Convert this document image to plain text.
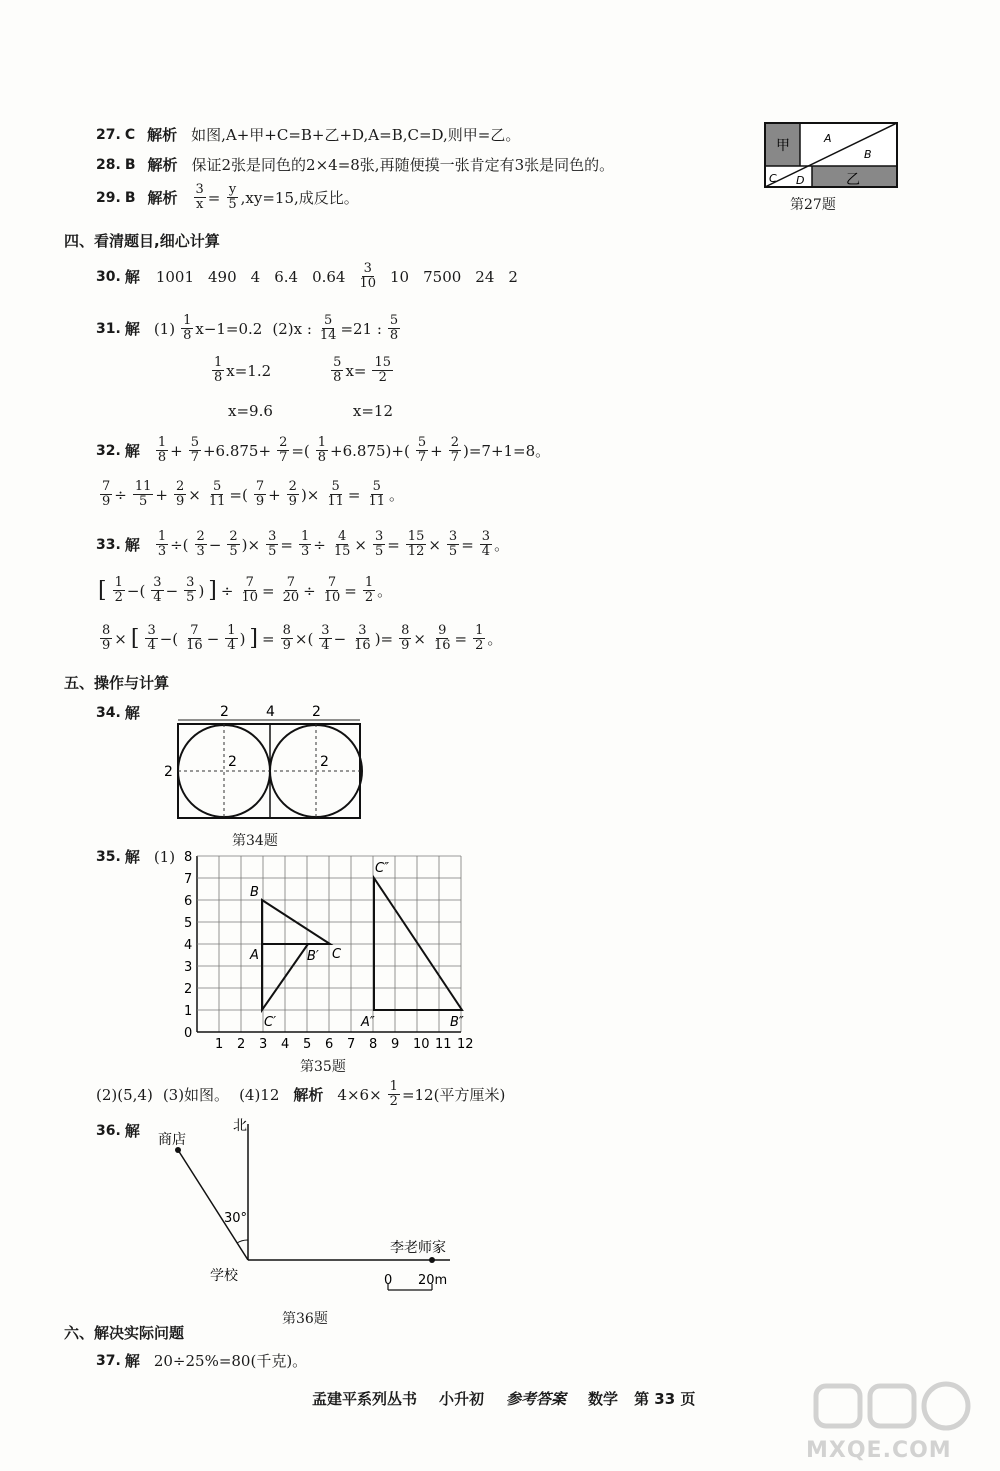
27. C 解析 如图,A+甲+C=B+乙+D,A=B,C=D,则甲=乙。
28. B 解析 保证2张是同色的2×4=8张,再随便摸一张肯定有3张是同色的。
29. B 解析 $\frac{3}{x} = \frac{y}{5} ,xy=15$,成反比。
甲	A
B
C D	乙
第27题
四、看清题目,细心计算
30. 解 1001 490 4 6.4 0.64 3
10 10 7500 24 2
31. 解 (1) 1
8 x−1=0.2 (2)x : $\frac{5}{14} =21$ : 5
8
1
8 x=1.2	5
8 $x= \frac{15}{2}$
x=9.6	x=12
32. 解 1
$8 + \frac{5}{7} +6.875+ \frac{2}{7}$ =( 1
8 +6.875)+( 5
$7 + \frac{2}{7} )=7+1=8$。
$\frac{7}{9} \div \frac{11}{5} + \frac{2}{9} \times \frac{5}{11}$ =( 7
$9 + \frac{2}{9}$ )× $\frac{5}{11} = \frac{5}{11}$ 。
33. 解 $\frac{1}{3}$ ÷( 2
$3 - \frac{2}{5}$ )× $\frac{3}{5} = \frac{1}{3} \div \frac{4}{15} \times \frac{3}{5} = \frac{15}{12} \times \frac{3}{5} = \frac{3}{4}$ 。
[ 1
2 −( 3
$4 - \frac{3}{5}$ ) ] ÷ $\frac{7}{10} = \frac{7}{20} \div \frac{7}{10} = \frac{1}{2}$ 。
$\frac{8}{9}$ × [ 3
4 −( 7
$16 - \frac{1}{4}$ ) ] = $\frac{8}{9}$ ×( 3
$4 - \frac{3}{16}$ )= $\frac{8}{9} \times \frac{9}{16} = \frac{1}{2}$ 。
五、操作与计算
34. 解	2	4	2
2
2	2
第34题
35. 解 (1)
1 2 3 4 5 6 7 8 9 10 11 12
0
1
2
3
4
5
6
7
8
B
A	B′ C
C′
C″
A″	B″
第35题
(2)(5,4) (3)如图。 (4)12 解析 $4\times 6\times \frac{1}{2} =12$(平方厘米)
36. 解	北
商店
30°
李老师家
学校	0 20m
第36题
六、解决实际问题
37. 解 20÷25%=80(千克)。
孟建平系列丛书 小升初 参考答案 数学 第 33 页
MXQE.COM
